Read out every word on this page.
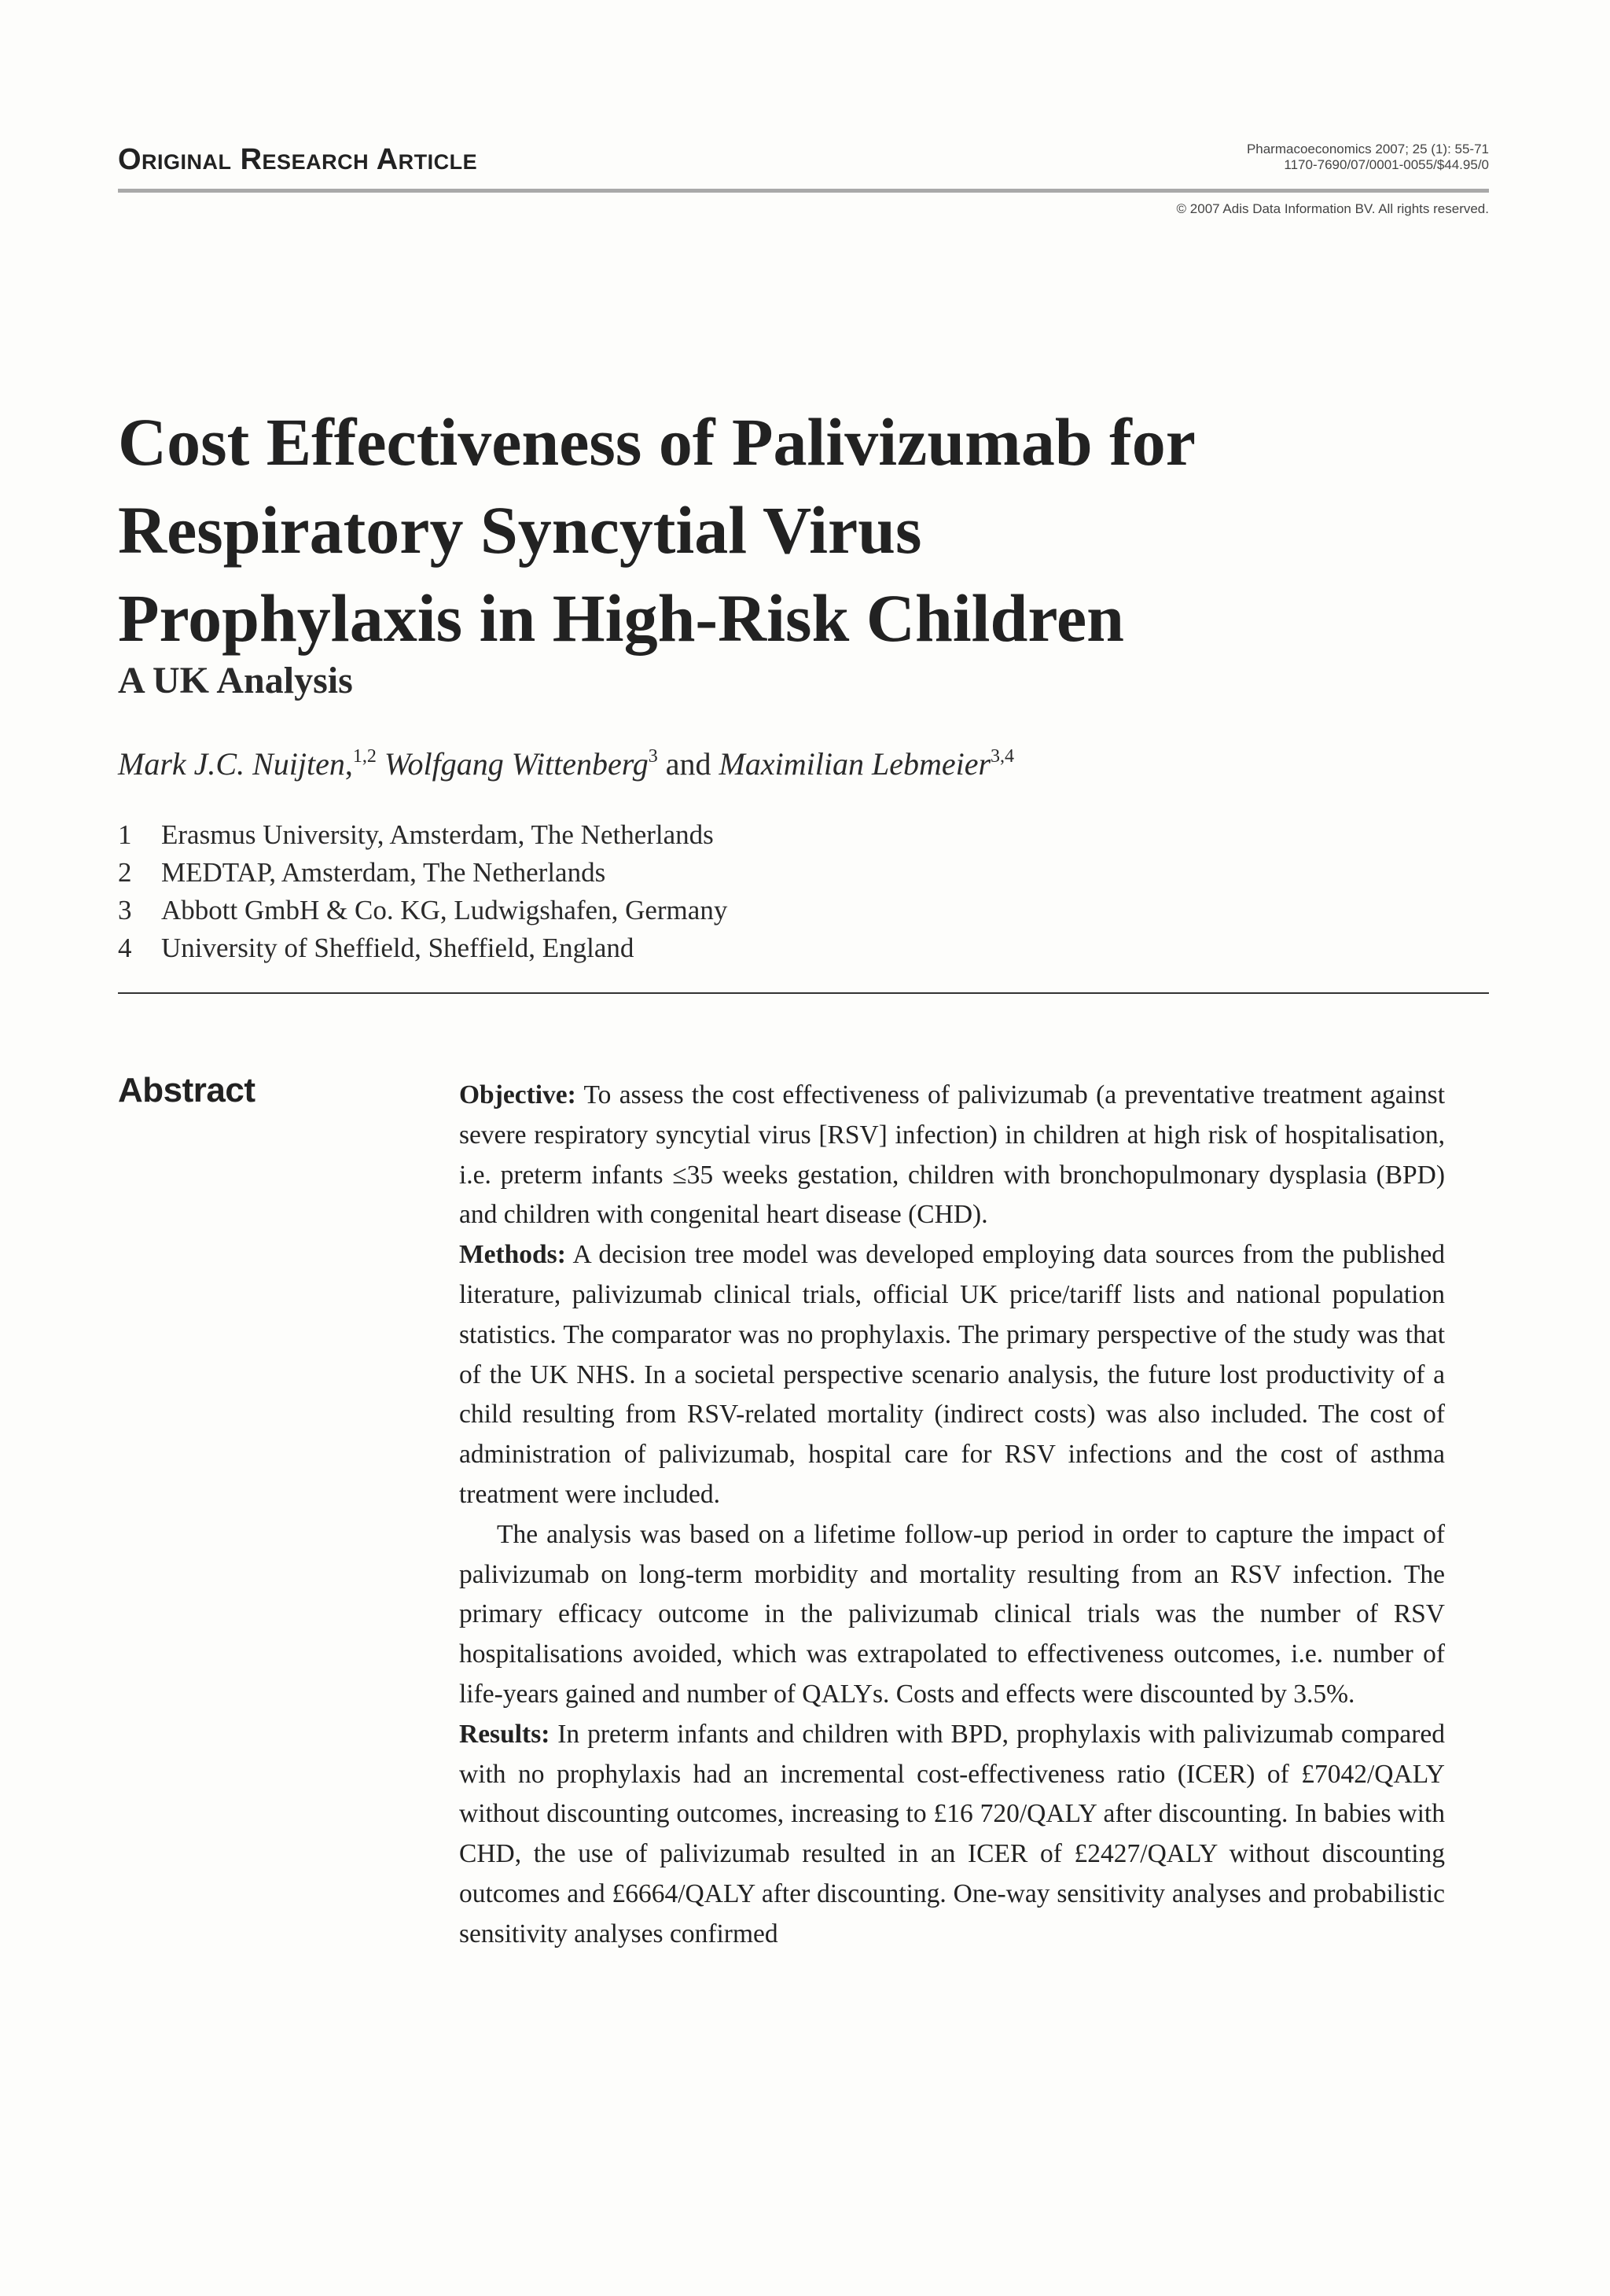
Original Research Article	Pharmacoeconomics 2007; 25 (1): 55-71
1170-7690/07/0001-0055/$44.95/0
© 2007 Adis Data Information BV. All rights reserved.
Cost Effectiveness of Palivizumab for
Respiratory Syncytial Virus
Prophylaxis in High-Risk Children
A UK Analysis
Mark J.C. Nuijten,$^{1,2}$ Wolfgang Wittenberg$^3$ and Maximilian Lebmeier$^{3,4}$
1	Erasmus University, Amsterdam, The Netherlands
2	MEDTAP, Amsterdam, The Netherlands
3	Abbott GmbH & Co. KG, Ludwigshafen, Germany
4	University of Sheffield, Sheffield, England
Abstract	Objective: To assess the cost effectiveness of palivizumab (a preventative treatment against severe respiratory syncytial virus [RSV] infection) in children at high risk of hospitalisation, i.e. preterm infants ≤35 weeks gestation, children with bronchopulmonary dysplasia (BPD) and children with congenital heart disease (CHD).

Methods: A decision tree model was developed employing data sources from the published literature, palivizumab clinical trials, official UK price/tariff lists and national population statistics. The comparator was no prophylaxis. The primary perspective of the study was that of the UK NHS. In a societal perspective scenario analysis, the future lost productivity of a child resulting from RSV-related mortality (indirect costs) was also included. The cost of administration of palivizumab, hospital care for RSV infections and the cost of asthma treatment were included.

The analysis was based on a lifetime follow-up period in order to capture the impact of palivizumab on long-term morbidity and mortality resulting from an RSV infection. The primary efficacy outcome in the palivizumab clinical trials was the number of RSV hospitalisations avoided, which was extrapolated to effectiveness outcomes, i.e. number of life-years gained and number of QALYs. Costs and effects were discounted by 3.5%.

Results: In preterm infants and children with BPD, prophylaxis with palivizumab compared with no prophylaxis had an incremental cost-effectiveness ratio (ICER) of £7042/QALY without discounting outcomes, increasing to £16 720/QALY after discounting. In babies with CHD, the use of palivizumab resulted in an ICER of £2427/QALY without discounting outcomes and £6664/QALY after discounting. One-way sensitivity analyses and probabilistic sensitivity analyses confirmed
